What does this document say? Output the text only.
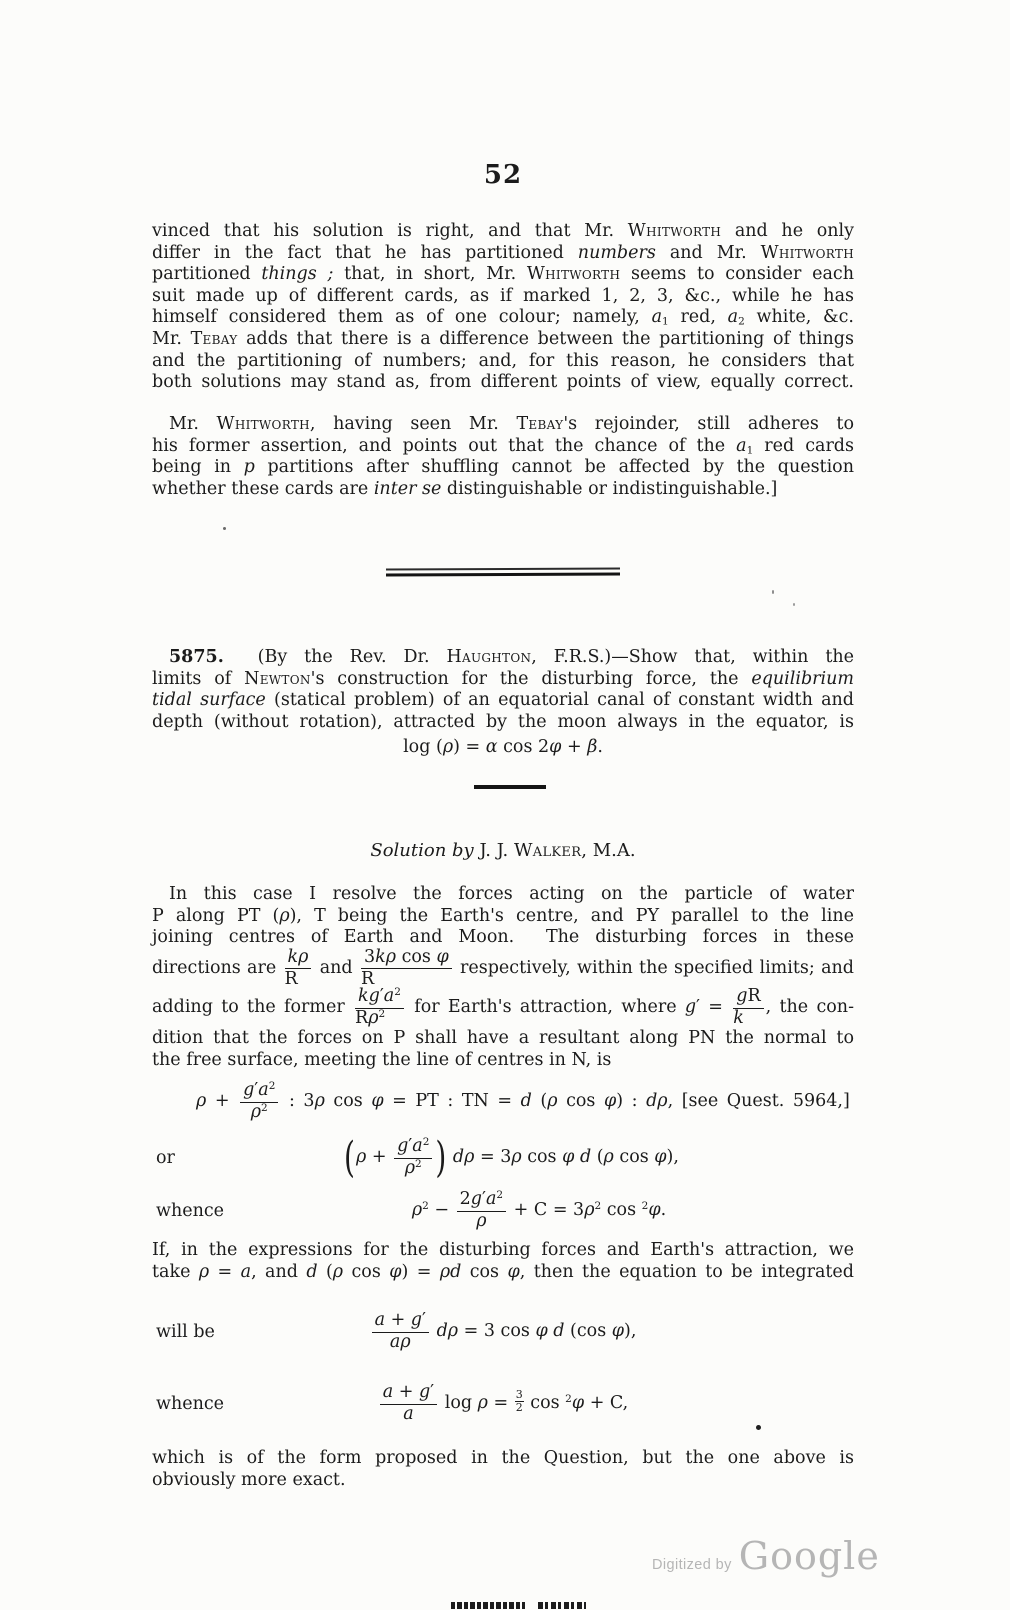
52
vinced that his solution is right, and that Mr. Whitworth and he only
differ in the fact that he has partitioned numbers and Mr. Whitworth
partitioned things ; that, in short, Mr. Whitworth seems to consider each
suit made up of different cards, as if marked 1, 2, 3, &c., while he has
himself considered them as of one colour; namely, $a_1$ red, $a_2$ white, &c.
Mr. Tebay adds that there is a difference between the partitioning of things
and the partitioning of numbers; and, for this reason, he considers that
both solutions may stand as, from different points of view, equally correct.
Mr. Whitworth, having seen Mr. Tebay's rejoinder, still adheres to
his former assertion, and points out that the chance of the $a_1$ red cards
being in p partitions after shuffling cannot be affected by the question
whether these cards are inter se distinguishable or indistinguishable.]
5875.  (By the Rev. Dr. Haughton, F.R.S.)—Show that, within the
limits of Newton's construction for the disturbing force, the equilibrium
tidal surface (statical problem) of an equatorial canal of constant width and
depth (without rotation), attracted by the moon always in the equator, is
log (ρ) = α cos 2φ + β.
Solution by J. J. Walker, M.A.
In this case I resolve the forces acting on the particle of water
P along PT (ρ), T being the Earth's centre, and PY parallel to the line
joining centres of Earth and Moon.  The disturbing forces in these
directions are $\frac{k\rho}{R}$ and $\frac{\text{3kρ cos φ}}{R}$ respectively, within the specified limits; and
adding to the former $\frac{kg'a^2}{R\rho^2}$ for Earth's attraction, where $g' = \frac{gR}{k}$ , the con-
dition that the forces on P shall have a resultant along PN the normal to
the free surface, meeting the line of centres in N, is
$\rho + \frac{g'a^2}{\rho^2}$ : 3ρ cos φ = PT : TN = d (ρ cos φ) : dρ, [see Quest. 5964,]
or	($\rho + \frac{g'a^2}{\rho^2}$ ) dρ = 3ρ cos φ d (ρ cos φ),
whence	$\rho^2 - \frac{2g'a^2}{\rho} + C = 3\rho^2$ cos $^2$φ.
If, in the expressions for the disturbing forces and Earth's attraction, we
take ρ = a, and d (ρ cos φ) = ρd cos φ, then the equation to be integrated
will be	$\frac{a + g'}{a\rho}$ dρ = 3 cos φ d (cos φ),
whence	$\frac{a + g'}{a}$ $\log \rho = \frac{3}{2}$ cos $^2$φ + C,
which is of the form proposed in the Question, but the one above is
obviously more exact.
Digitized by Google
